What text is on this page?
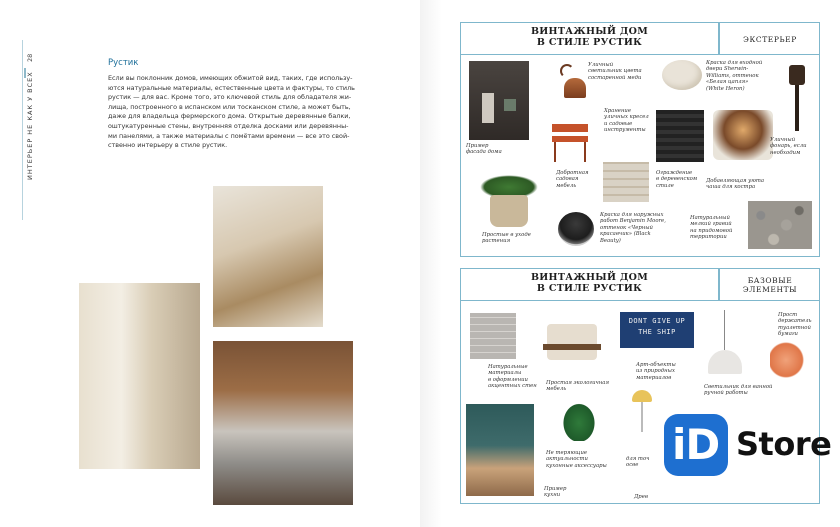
28
ИНТЕРЬЕР НЕ КАК У ВСЕХ
Рустик
Если вы поклонник домов, имеющих обжитой вид, таких, где использу-
ются натуральные материалы, естественные цвета и фактуры, то стиль
рустик — для вас. Кроме того, это ключевой стиль для обладателя жи-
лища, построенного в испанском или тосканском стиле, а может быть,
даже для владельца фермерского дома. Открытые деревянные балки,
оштукатуренные стены, внутренняя отделка досками или деревянны-
ми панелями, а также материалы с помётами времени — все это свой-
ственно интерьеру в стиле рустик.
ВИНТАЖНЫЙ ДОМ
В СТИЛЕ РУСТИК	ЭКСТЕРЬЕР
Пример
фасада дома
Уличный
светильник цвета
состаренной меди
Краска для входной
двери Sherwin-
Williams, оттенок
«Белая цапля»
(White Heron)
Уличный
фонарь, если
необходим
Хранение
уличных кресел
и садовые
инструменты
Добротная
садовая
мебель
Ограждение
в деревенском
стиле
Добавляющая уюта
чаша для костра
Простые в уходе
растения
Краска для наружных
работ Benjamin Moore,
оттенок «Черный
красавчик» (Black
Beauty)
Натуральный
мелкий гравий
на придомовой
территории
ВИНТАЖНЫЙ ДОМ
В СТИЛЕ РУСТИК
БАЗОВЫЕ
ЭЛЕМЕНТЫ
DONT GIVE UP
THE SHIP
Натуральные
материалы
в оформлении
акцентных стен
Простая экологичная
мебель
Арт-объекты
из природных
материалов
Светильник для ванной
ручной работы
Прост
держатель
туалетной
бумаги
Не теряющие
актуальности
кухонные аксессуары
для точ
осве
Пример
кухни	Древ
iD Store
